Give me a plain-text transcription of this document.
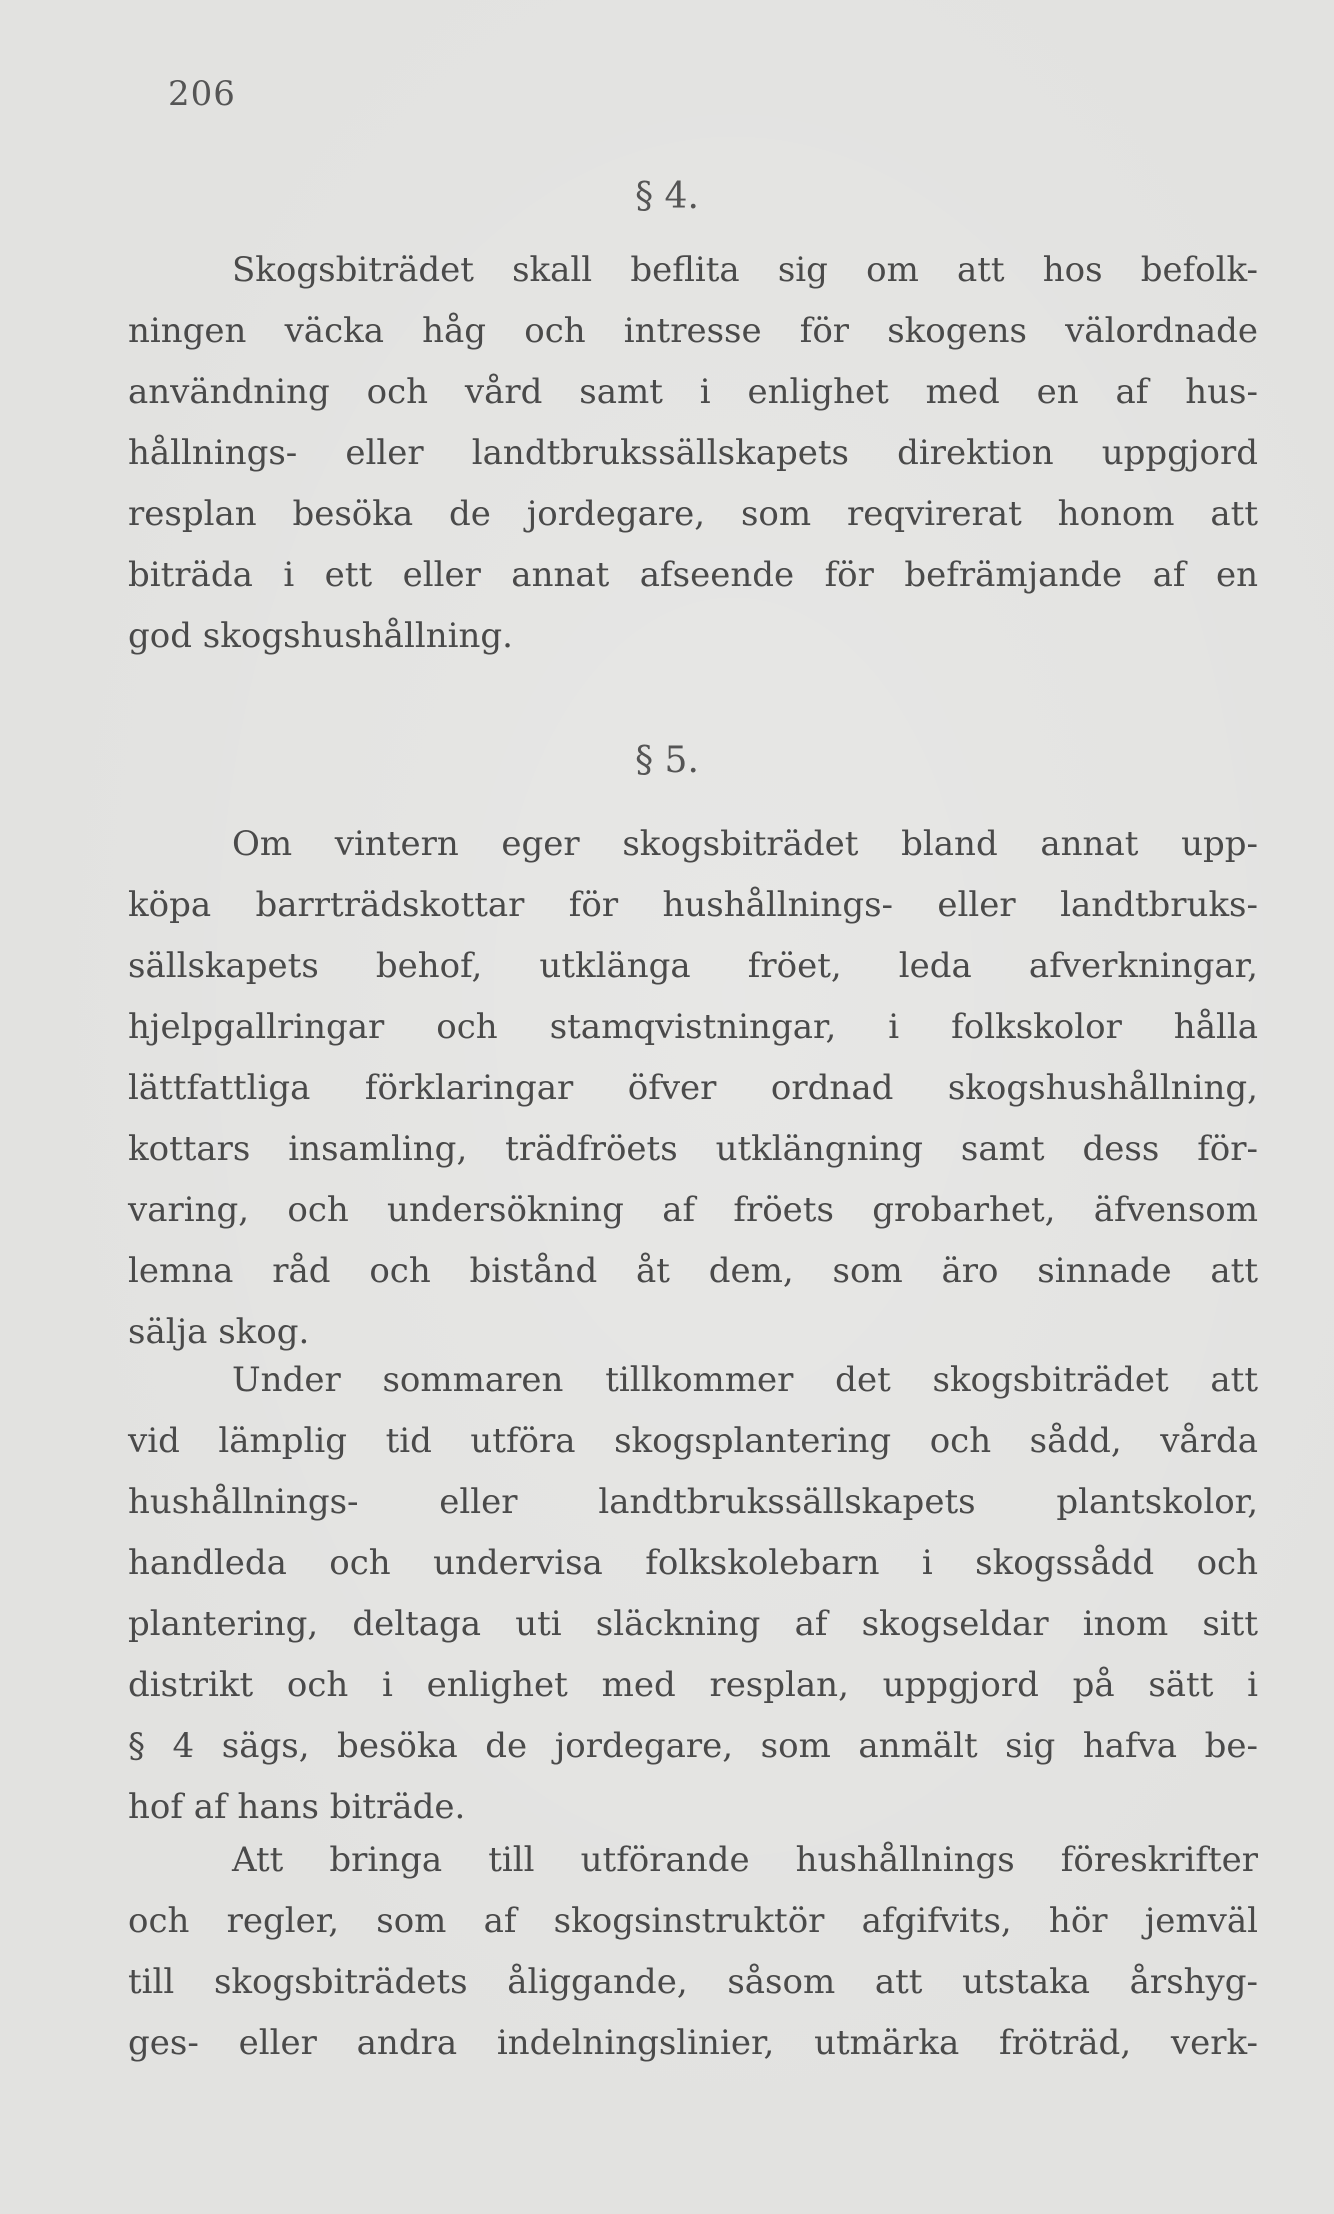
206
§ 4.
Skogsbiträdet skall beflita sig om att hos befolk-
ningen väcka håg och intresse för skogens välordnade
användning och vård samt i enlighet med en af hus-
hållnings- eller landtbrukssällskapets direktion uppgjord
resplan besöka de jordegare, som reqvirerat honom att
biträda i ett eller annat afseende för befrämjande af en
god skogshushållning.
§ 5.
Om vintern eger skogsbiträdet bland annat upp-
köpa barrträdskottar för hushållnings- eller landtbruks-
sällskapets behof, utklänga fröet, leda afverkningar,
hjelpgallringar och stamqvistningar, i folkskolor hålla
lättfattliga förklaringar öfver ordnad skogshushållning,
kottars insamling, trädfröets utklängning samt dess för-
varing, och undersökning af fröets grobarhet, äfvensom
lemna råd och bistånd åt dem, som äro sinnade att
sälja skog.
Under sommaren tillkommer det skogsbiträdet att
vid lämplig tid utföra skogsplantering och sådd, vårda
hushållnings- eller landtbrukssällskapets plantskolor,
handleda och undervisa folkskolebarn i skogssådd och
plantering, deltaga uti släckning af skogseldar inom sitt
distrikt och i enlighet med resplan, uppgjord på sätt i
§ 4 sägs, besöka de jordegare, som anmält sig hafva be-
hof af hans biträde.
Att bringa till utförande hushållnings föreskrifter
och regler, som af skogsinstruktör afgifvits, hör jemväl
till skogsbiträdets åliggande, såsom att utstaka årshyg-
ges- eller andra indelningslinier, utmärka fröträd, verk-
